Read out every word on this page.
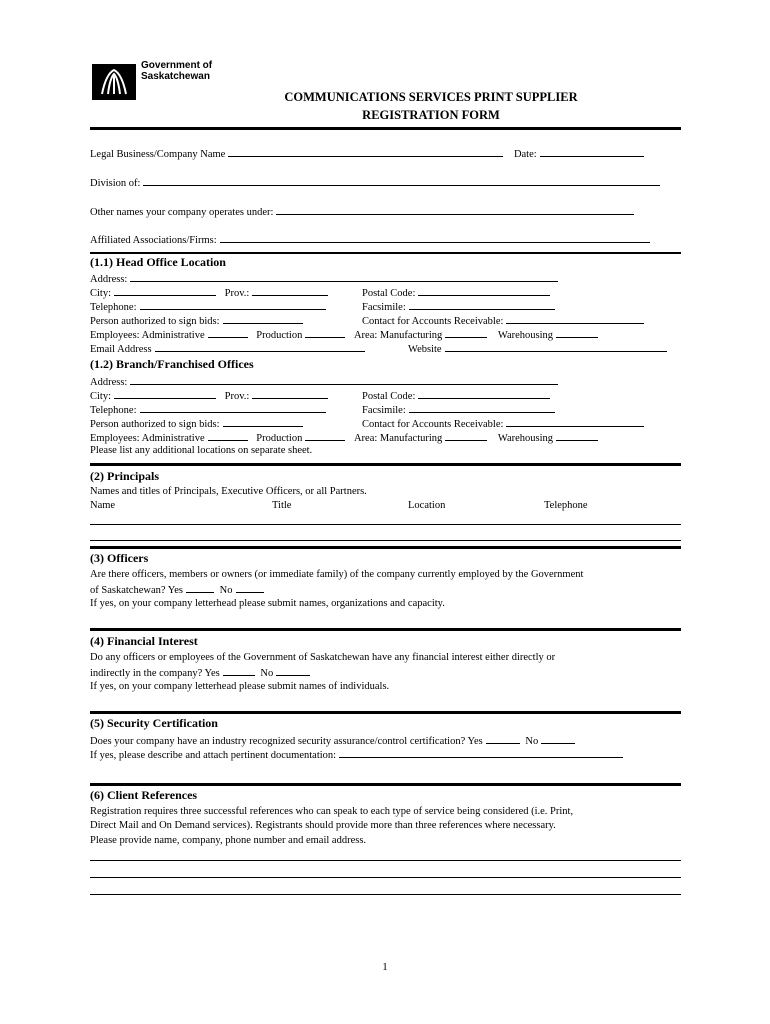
Government of
Saskatchewan
COMMUNICATIONS SERVICES PRINT SUPPLIER
REGISTRATION FORM
Legal Business/Company Name	Date:
Division of:
Other names your company operates under:
Affiliated Associations/Firms:
(1.1) Head Office Location
Address:
City:	Prov.:	Postal Code:
Telephone:	Facsimile:
Person authorized to sign bids:	Contact for Accounts Receivable:
Employees: Administrative	Production	Area: Manufacturing	Warehousing
Email Address	Website
(1.2) Branch/Franchised Offices
Address:
City:	Prov.:	Postal Code:
Telephone:	Facsimile:
Person authorized to sign bids:	Contact for Accounts Receivable:
Employees: Administrative	Production	Area: Manufacturing	Warehousing
Please list any additional locations on separate sheet.
(2) Principals
Names and titles of Principals, Executive Officers, or all Partners.
Name	Title	Location	Telephone
(3) Officers
Are there officers, members or owners (or immediate family) of the company currently employed by the Government
of Saskatchewan? Yes	No
If yes, on your company letterhead please submit names, organizations and capacity.
(4) Financial Interest
Do any officers or employees of the Government of Saskatchewan have any financial interest either directly or
indirectly in the company? Yes	No
If yes, on your company letterhead please submit names of individuals.
(5) Security Certification
Does your company have an industry recognized security assurance/control certification? Yes	No
If yes, please describe and attach pertinent documentation:
(6) Client References
Registration requires three successful references who can speak to each type of service being considered (i.e. Print,
Direct Mail and On Demand services). Registrants should provide more than three references where necessary.
Please provide name, company, phone number and email address.
1
